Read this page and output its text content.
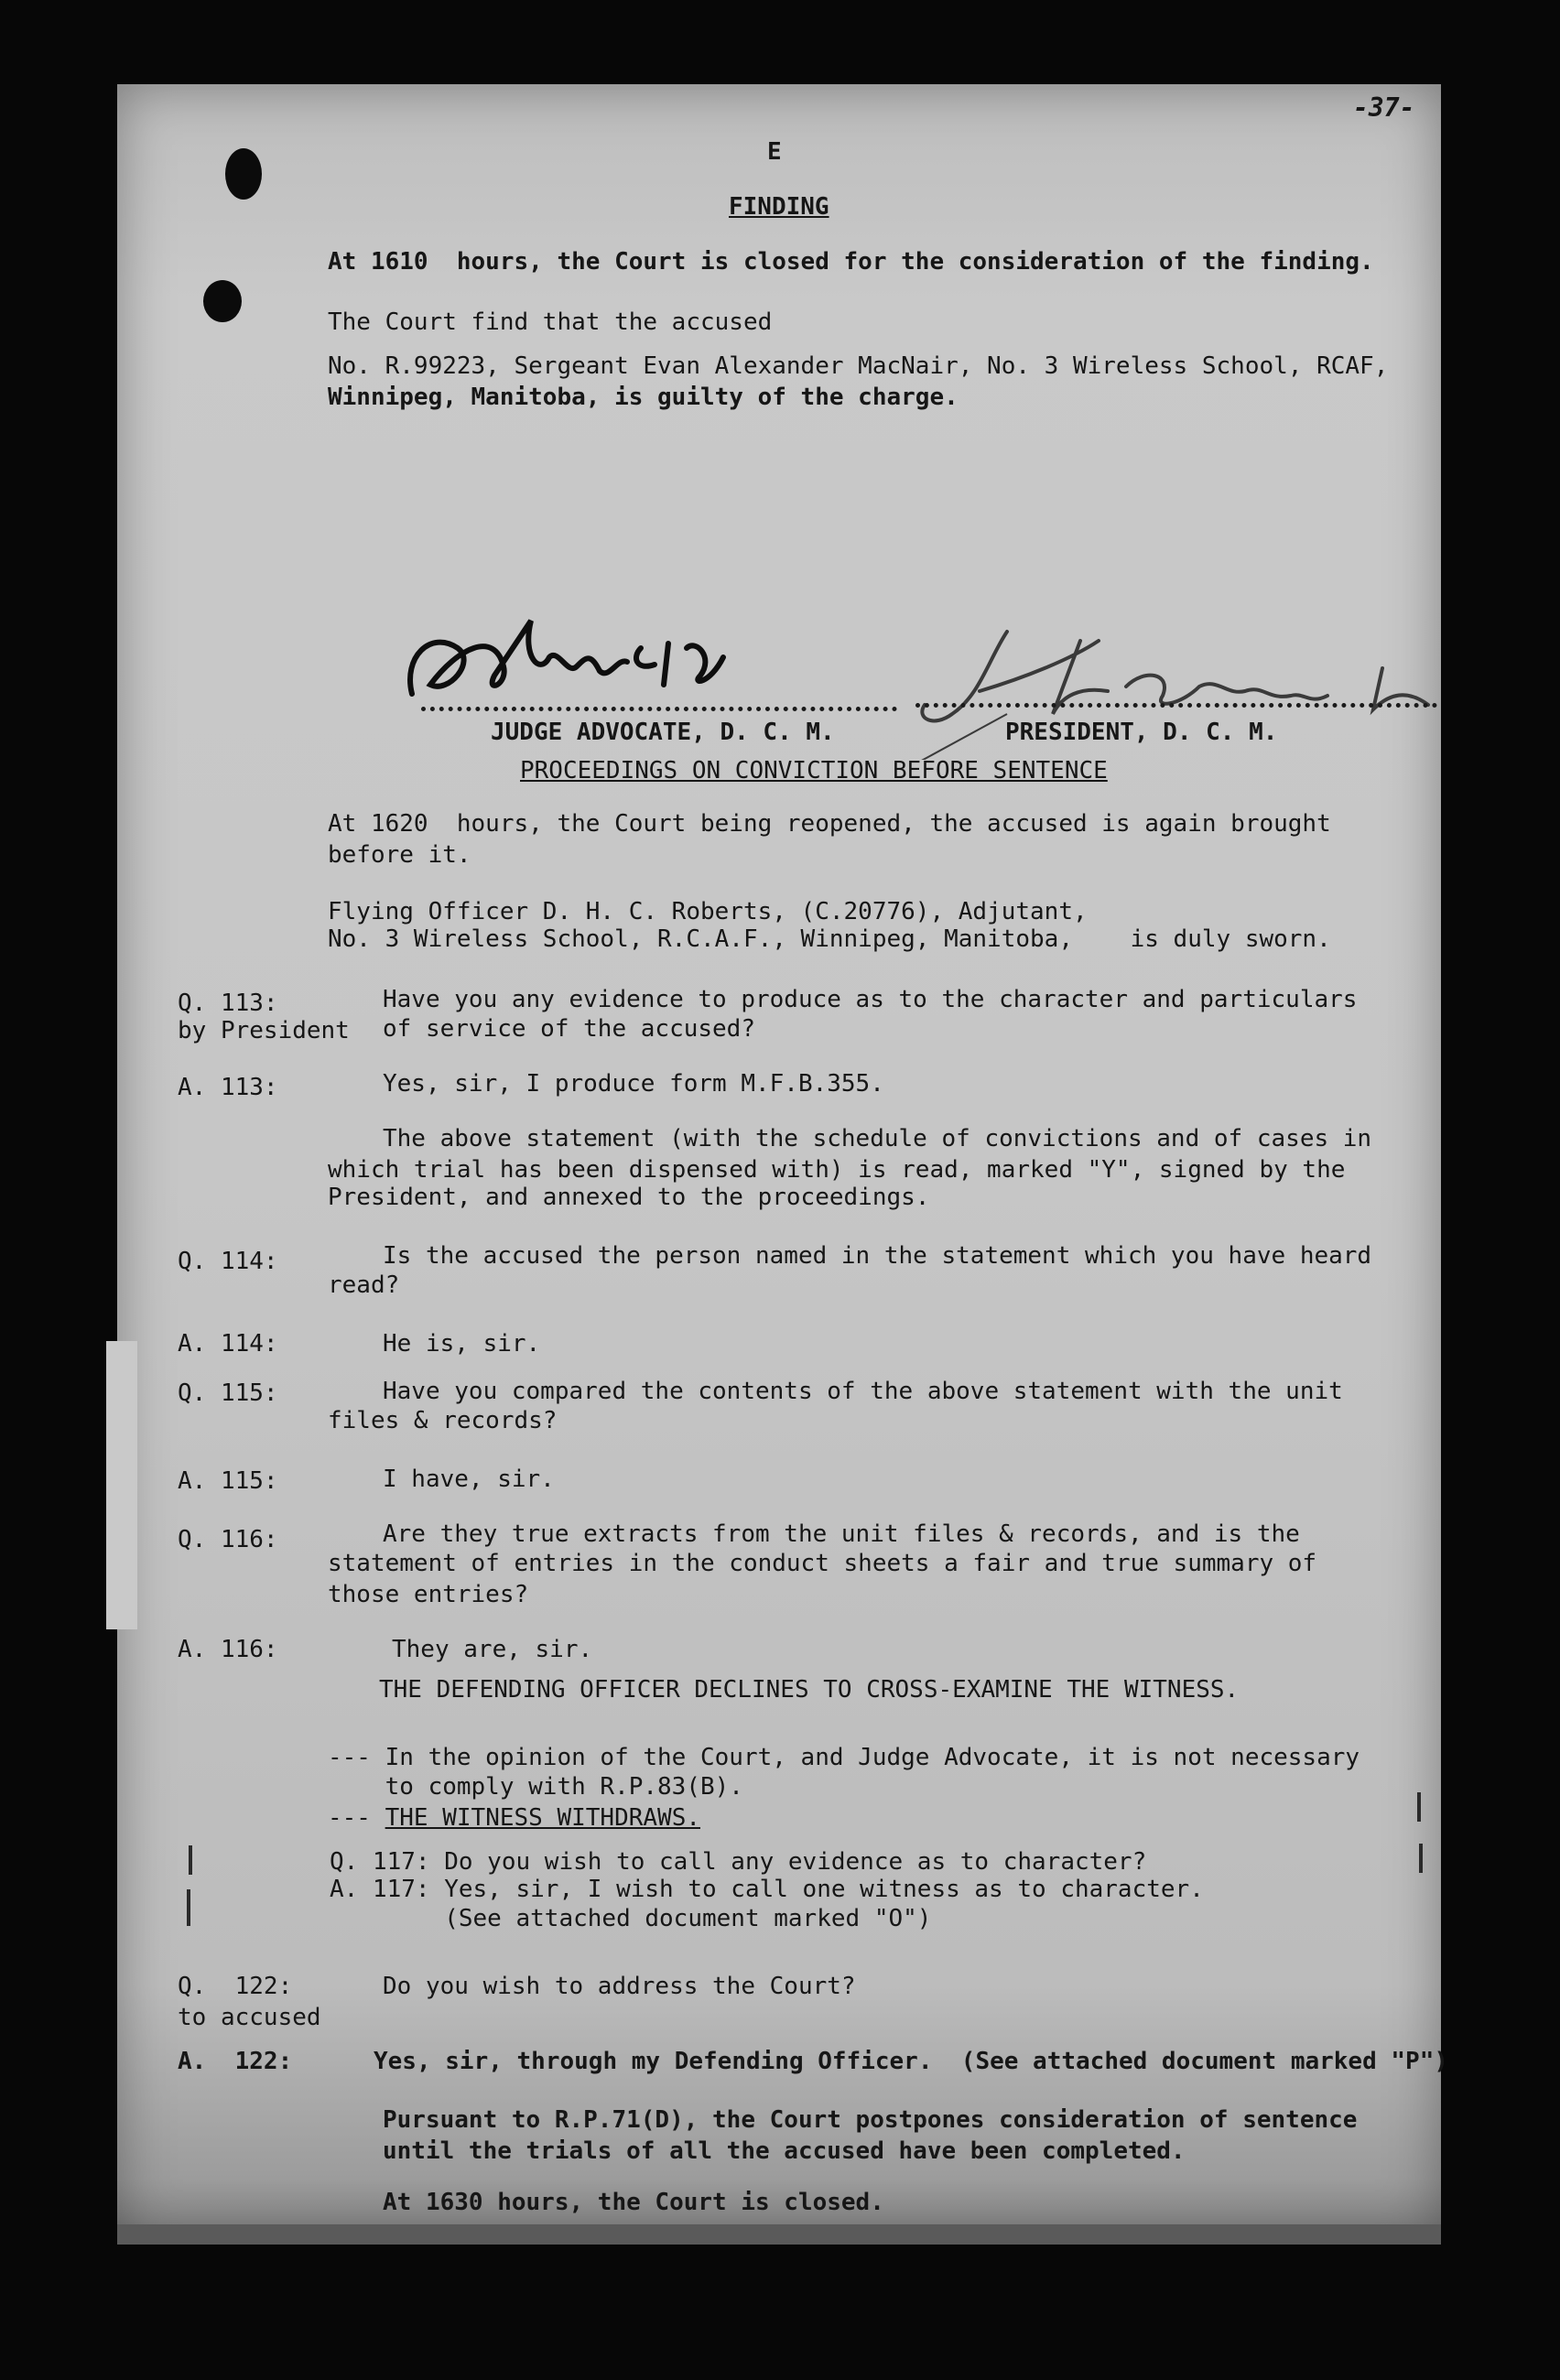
-37-
E
FINDING
At 1610  hours, the Court is closed for the consideration of the finding.
The Court find that the accused
No. R.99223, Sergeant Evan Alexander MacNair, No. 3 Wireless School, RCAF,
Winnipeg, Manitoba, is guilty of the charge.
JUDGE ADVOCATE, D. C. M.	PRESIDENT, D. C. M.
PROCEEDINGS ON CONVICTION BEFORE SENTENCE
At 1620  hours, the Court being reopened, the accused is again brought
before it.
Flying Officer D. H. C. Roberts, (C.20776), Adjutant,
No. 3 Wireless School, R.C.A.F., Winnipeg, Manitoba,    is duly sworn.
Q. 113:
by President
Have you any evidence to produce as to the character and particulars
of service of the accused?
A. 113:	Yes, sir, I produce form M.F.B.355.
The above statement (with the schedule of convictions and of cases in
which trial has been dispensed with) is read, marked "Y", signed by the
President, and annexed to the proceedings.
Q. 114:	Is the accused the person named in the statement which you have heard
read?
A. 114:	He is, sir.
Q. 115:	Have you compared the contents of the above statement with the unit
files & records?
A. 115:	I have, sir.
Q. 116:	Are they true extracts from the unit files & records, and is the
statement of entries in the conduct sheets a fair and true summary of
those entries?
A. 116:	They are, sir.
THE DEFENDING OFFICER DECLINES TO CROSS-EXAMINE THE WITNESS.
--- In the opinion of the Court, and Judge Advocate, it is not necessary
to comply with R.P.83(B).
--- THE WITNESS WITHDRAWS.
Q. 117: Do you wish to call any evidence as to character?
A. 117: Yes, sir, I wish to call one witness as to character.
(See attached document marked "O")
Q.  122:
to accused
Do you wish to address the Court?
A.  122:	Yes, sir, through my Defending Officer.  (See attached document marked "P")
Pursuant to R.P.71(D), the Court postpones consideration of sentence
until the trials of all the accused have been completed.
At 1630 hours, the Court is closed.
